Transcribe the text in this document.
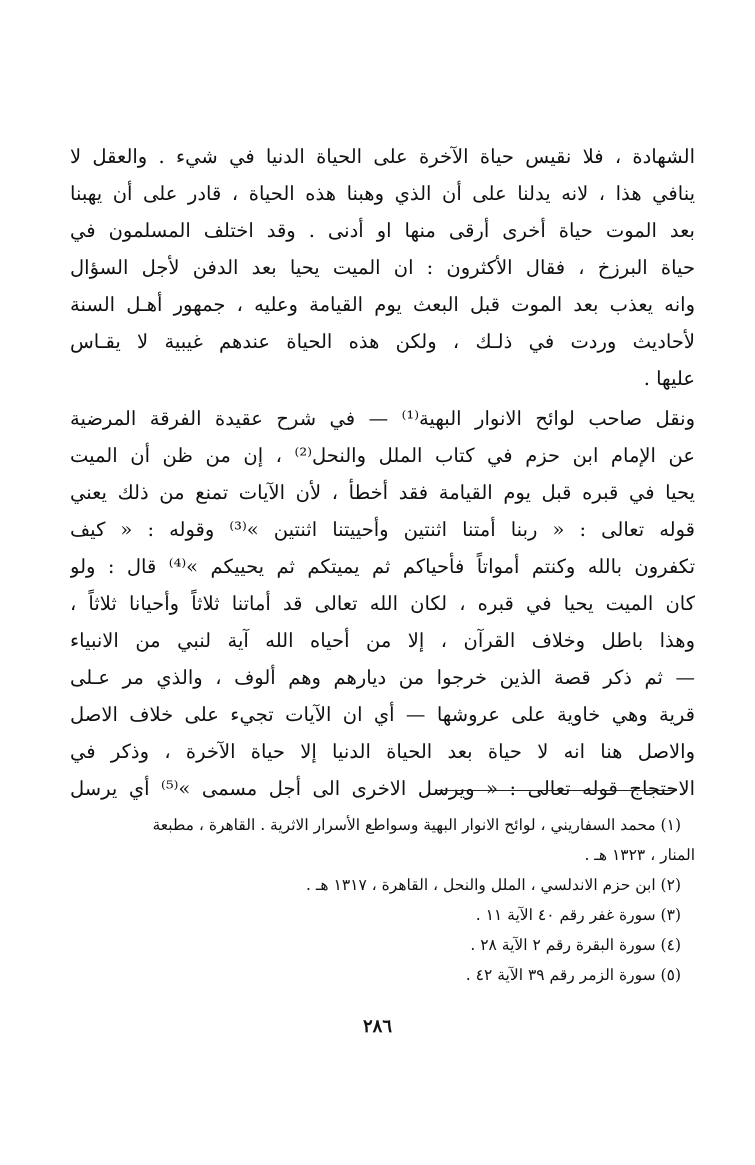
الشهادة ، فلا نقيس حياة الآخرة على الحياة الدنيا في شيء . والعقل لا
ينافي هذا ، لانه يدلنا على أن الذي وهبنا هذه الحياة ، قادر على أن يهبنا
بعد الموت حياة أخرى أرقى منها او أدنى . وقد اختلف المسلمون في
حياة البرزخ ، فقال الأكثرون : ان الميت يحيا بعد الدفن لأجل السؤال
وانه يعذب بعد الموت قبل البعث يوم القيامة وعليه ، جمهور أهـل السنة
لأحاديث وردت في ذلـك ، ولكن هذه الحياة عندهم غيبية لا يقـاس
عليها .
ونقل صاحب لوائح الانوار البهية⁽¹⁾ — في شرح عقيدة الفرقة المرضية
عن الإمام ابن حزم في كتاب الملل والنحل⁽²⁾ ، إن من ظن أن الميت
يحيا في قبره قبل يوم القيامة فقد أخطأ ، لأن الآيات تمنع من ذلك يعني
قوله تعالى : « ربنا أمتنا اثنتين وأحييتنا اثنتين »⁽³⁾ وقوله : « كيف
تكفرون بالله وكنتم أمواتاً فأحياكم ثم يميتكم ثم يحييكم »⁽⁴⁾ قال : ولو
كان الميت يحيا في قبره ، لكان الله تعالى قد أماتنا ثلاثاً وأحيانا ثلاثاً ،
وهذا باطل وخلاف القرآن ، إلا من أحياه الله آية لنبي من الانبياء
— ثم ذكر قصة الذين خرجوا من ديارهم وهم ألوف ، والذي مر عـلى
قرية وهي خاوية على عروشها — أي ان الآيات تجيء على خلاف الاصل
والاصل هنا انه لا حياة بعد الحياة الدنيا إلا حياة الآخرة ، وذكر في
الاحتجاج قوله تعالى : « ويرسل الاخرى الى أجل مسمى »⁽⁵⁾ أي يرسل
(١) محمد السفاريني ، لوائح الانوار البهية وسواطع الأسرار الاثرية . القاهرة ، مطبعة
المنار ، ١٣٢٣ هـ .
(٢) ابن حزم الاندلسي ، الملل والنحل ، القاهرة ، ١٣١٧ هـ .
(٣) سورة غفر رقم ٤٠ الآية ١١ .
(٤) سورة البقرة رقم ٢ الآية ٢٨ .
(٥) سورة الزمر رقم ٣٩ الآية ٤٢ .
٢٨٦
